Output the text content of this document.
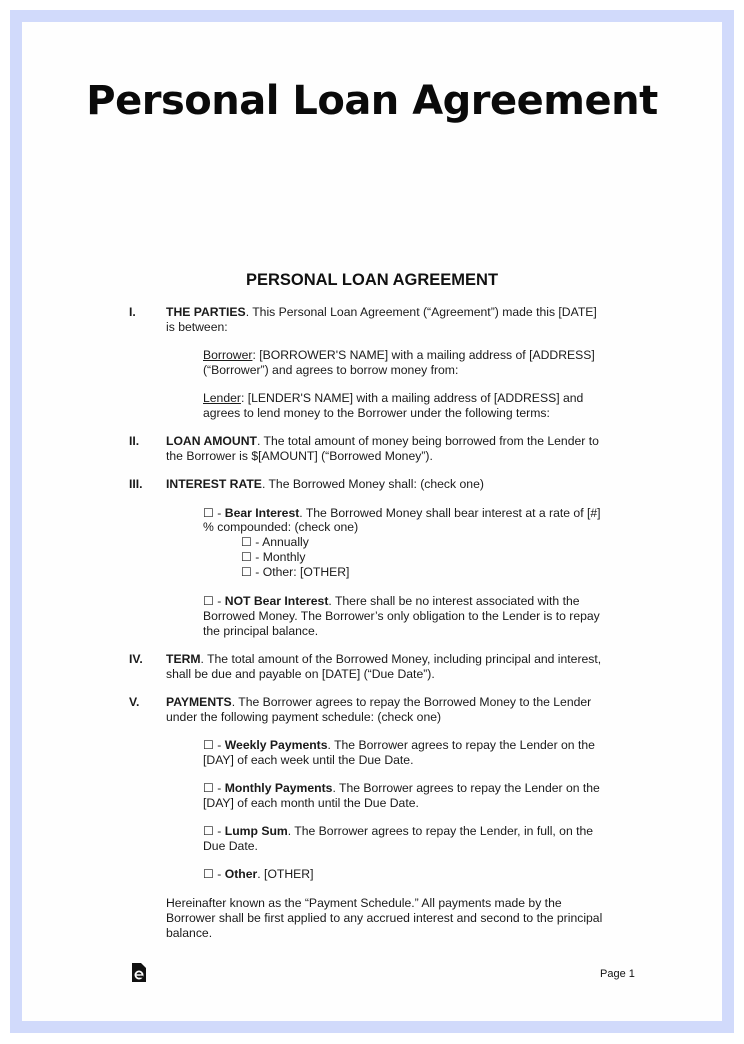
Personal Loan Agreement
PERSONAL LOAN AGREEMENT
I. THE PARTIES. This Personal Loan Agreement (“Agreement”) made this [DATE]
is between:
Borrower: [BORROWER'S NAME] with a mailing address of [ADDRESS]
(“Borrower”) and agrees to borrow money from:
Lender: [LENDER'S NAME] with a mailing address of [ADDRESS] and
agrees to lend money to the Borrower under the following terms:
II. LOAN AMOUNT. The total amount of money being borrowed from the Lender to
the Borrower is $[AMOUNT] (“Borrowed Money”).
III. INTEREST RATE. The Borrowed Money shall: (check one)
☐ - Bear Interest. The Borrowed Money shall bear interest at a rate of [#]
% compounded: (check one)
☐ - Annually
☐ - Monthly
☐ - Other: [OTHER]
☐ - NOT Bear Interest. There shall be no interest associated with the
Borrowed Money. The Borrower’s only obligation to the Lender is to repay
the principal balance.
IV. TERM. The total amount of the Borrowed Money, including principal and interest,
shall be due and payable on [DATE] (“Due Date”).
V. PAYMENTS. The Borrower agrees to repay the Borrowed Money to the Lender
under the following payment schedule: (check one)
☐ - Weekly Payments. The Borrower agrees to repay the Lender on the
[DAY] of each week until the Due Date.
☐ - Monthly Payments. The Borrower agrees to repay the Lender on the
[DAY] of each month until the Due Date.
☐ - Lump Sum. The Borrower agrees to repay the Lender, in full, on the
Due Date.
☐ - Other. [OTHER]
Hereinafter known as the “Payment Schedule.” All payments made by the
Borrower shall be first applied to any accrued interest and second to the principal
balance.
Page 1
